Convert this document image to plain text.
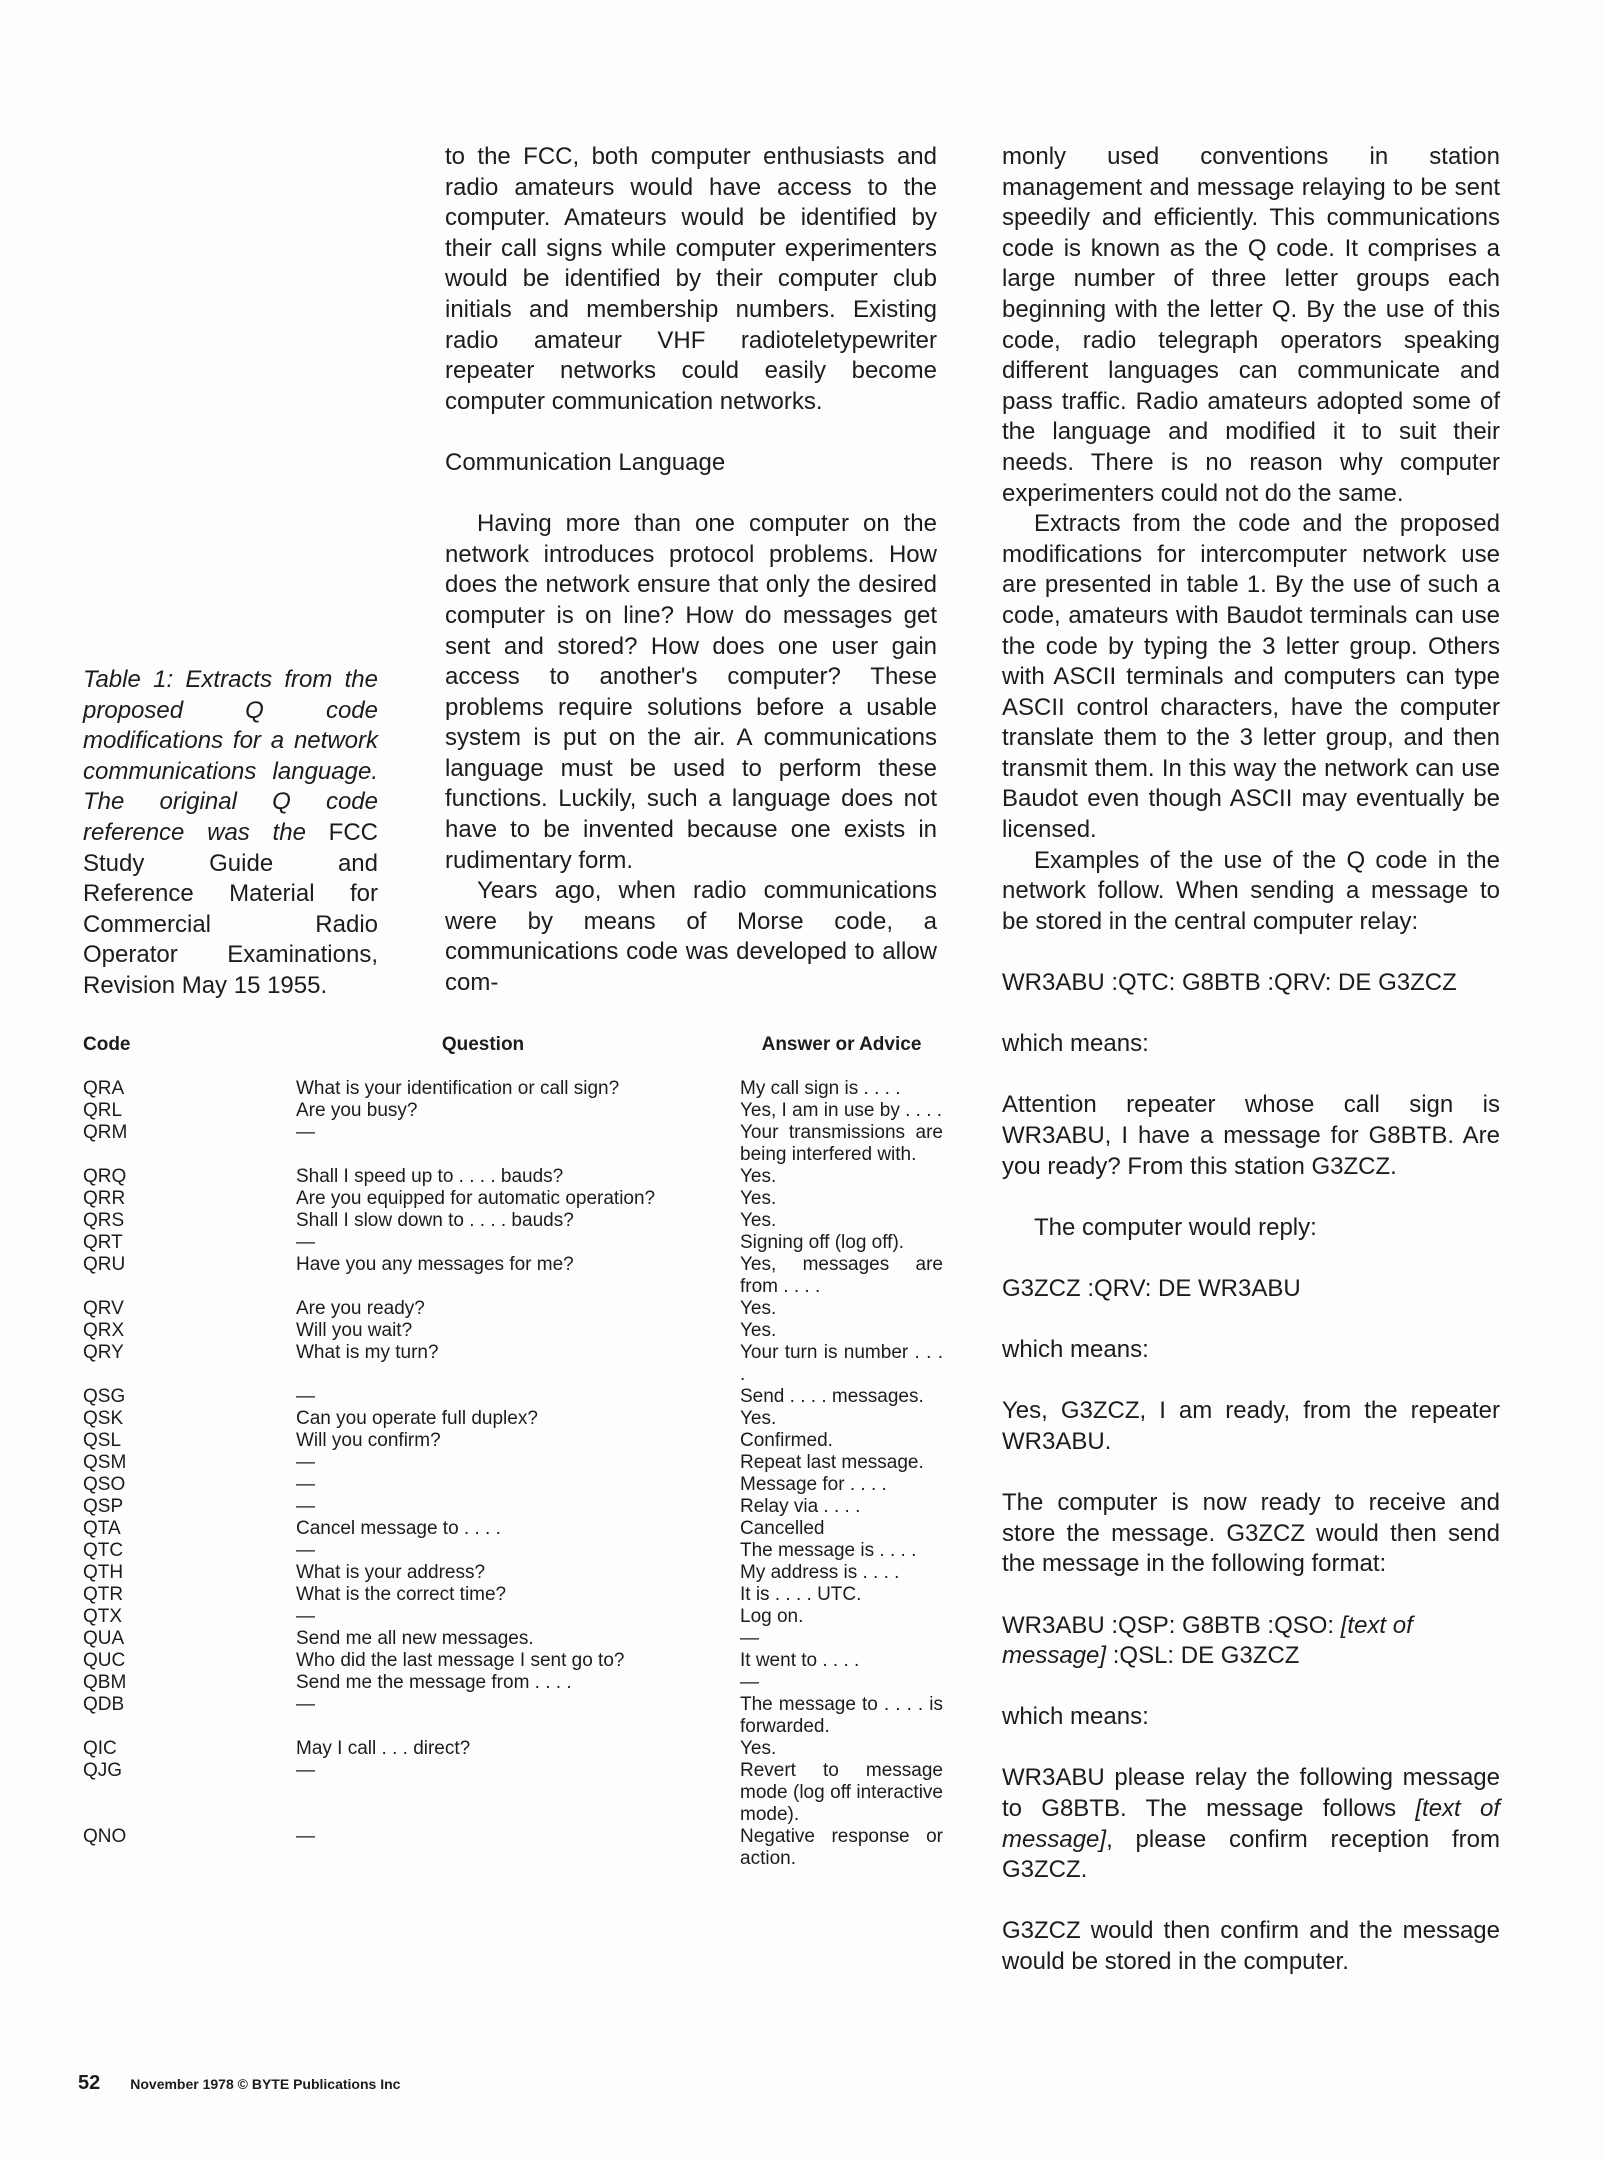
Table 1: Extracts from the proposed Q code modifications for a network communications language. The original Q code reference was the FCC Study Guide and Reference Material for Commercial Radio Operator Examinations, Revision May 15 1955.

to the FCC, both computer enthusiasts and radio amateurs would have access to the computer. Amateurs would be identified by their call signs while computer experimenters would be identified by their computer club initials and membership numbers. Existing radio amateur VHF radioteletypewriter repeater networks could easily become computer communication networks.

Communication Language

Having more than one computer on the network introduces protocol problems. How does the network ensure that only the desired computer is on line? How do messages get sent and stored? How does one user gain access to another's computer? These problems require solutions before a usable system is put on the air. A communications language must be used to perform these functions. Luckily, such a language does not have to be invented because one exists in rudimentary form.

Years ago, when radio communications were by means of Morse code, a communications code was developed to allow com-

monly used conventions in station management and message relaying to be sent speedily and efficiently. This communications code is known as the Q code. It comprises a large number of three letter groups each beginning with the letter Q. By the use of this code, radio telegraph operators speaking different languages can communicate and pass traffic. Radio amateurs adopted some of the language and modified it to suit their needs. There is no reason why computer experimenters could not do the same.

Extracts from the code and the proposed modifications for intercomputer network use are presented in table 1. By the use of such a code, amateurs with Baudot terminals can use the code by typing the 3 letter group. Others with ASCII terminals and computers can type ASCII control characters, have the computer translate them to the 3 letter group, and then transmit them. In this way the network can use Baudot even though ASCII may eventually be licensed.

Examples of the use of the Q code in the network follow. When sending a message to be stored in the central computer relay:

WR3ABU :QTC: G8BTB :QRV: DE G3ZCZ

which means:

Attention repeater whose call sign is WR3ABU, I have a message for G8BTB. Are you ready? From this station G3ZCZ.

The computer would reply:

G3ZCZ :QRV: DE WR3ABU

which means:

Yes, G3ZCZ, I am ready, from the repeater WR3ABU.

The computer is now ready to receive and store the message. G3ZCZ would then send the message in the following format:

WR3ABU :QSP: G8BTB :QSO: [text of message] :QSL: DE G3ZCZ

which means:

WR3ABU please relay the following message to G8BTB. The message follows [text of message], please confirm reception from G3ZCZ.

G3ZCZ would then confirm and the message would be stored in the computer.

Code	Question	Answer or Advice
QRA	What is your identification or call sign?	My call sign is . . . .
QRL	Are you busy?	Yes, I am in use by . . . .
QRM	—	Your transmissions are being interfered with.
QRQ	Shall I speed up to . . . . bauds?	Yes.
QRR	Are you equipped for automatic operation?	Yes.
QRS	Shall I slow down to . . . . bauds?	Yes.
QRT	—	Signing off (log off).
QRU	Have you any messages for me?	Yes, messages are from . . . .
QRV	Are you ready?	Yes.
QRX	Will you wait?	Yes.
QRY	What is my turn?	Your turn is number . . . .
QSG	—	Send . . . . messages.
QSK	Can you operate full duplex?	Yes.
QSL	Will you confirm?	Confirmed.
QSM	—	Repeat last message.
QSO	—	Message for . . . .
QSP	—	Relay via . . . .
QTA	Cancel message to . . . .	Cancelled
QTC	—	The message is . . . .
QTH	What is your address?	My address is . . . .
QTR	What is the correct time?	It is . . . . UTC.
QTX	—	Log on.
QUA	Send me all new messages.	—
QUC	Who did the last message I sent go to?	It went to . . . .
QBM	Send me the message from . . . .	—
QDB	—	The message to . . . . is forwarded.
QIC	May I call . . . direct?	Yes.
QJG	—	Revert to message mode (log off interactive mode).
QNO	—	Negative response or action.
52 November 1978 © BYTE Publications Inc
